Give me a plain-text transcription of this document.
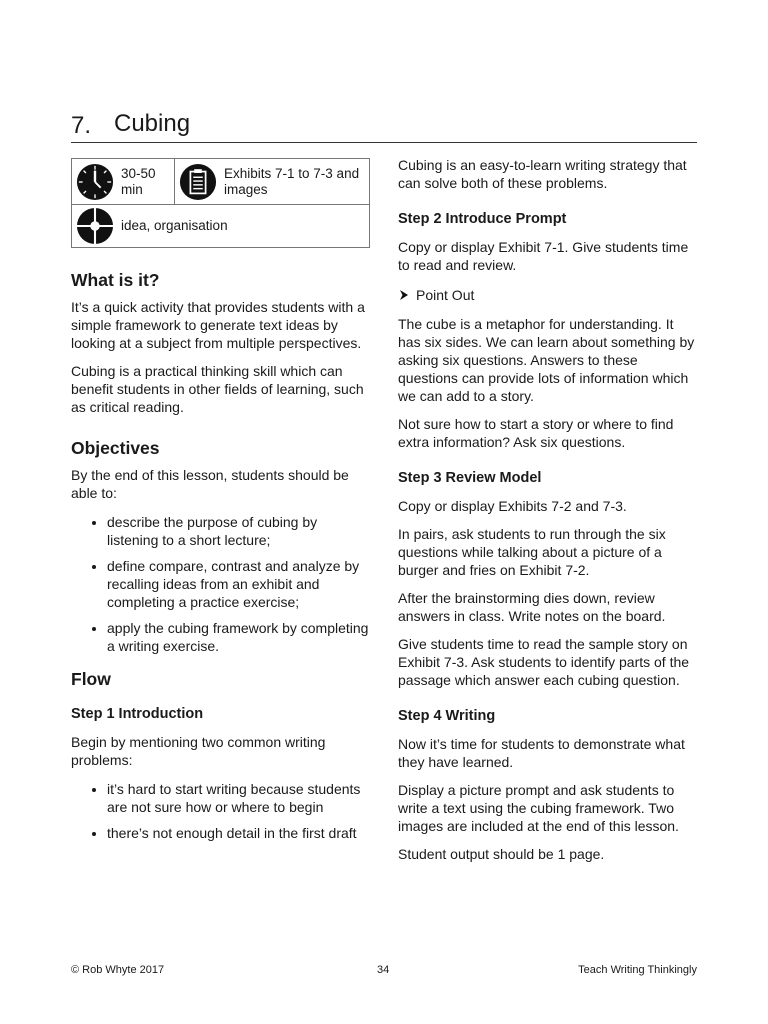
7. Cubing
30-50 min
Exhibits 7-1 to 7-3 and images
idea, organisation
What is it?

It’s a quick activity that provides students with a simple framework to generate text ideas by looking at a subject from multiple perspectives.

Cubing is a practical thinking skill which can benefit students in other fields of learning, such as critical reading.

Objectives

By the end of this lesson, students should be able to:

• describe the purpose of cubing by listening to a short lecture;
• define compare, contrast and analyze by recalling ideas from an exhibit and completing a practice exercise;
• apply the cubing framework by completing a writing exercise.
Flow
Step 1 Introduction

Begin by mentioning two common writing problems:

• it’s hard to start writing because students are not sure how or where to begin
• there’s not enough detail in the first draft

Cubing is an easy-to-learn writing strategy that can solve both of these problems.

Step 2 Introduce Prompt

Copy or display Exhibit 7-1. Give students time to read and review.

Point Out

The cube is a metaphor for understanding. It has six sides. We can learn about something by asking six questions. Answers to these questions can provide lots of information which we can add to a story.

Not sure how to start a story or where to find extra information? Ask six questions.

Step 3 Review Model

Copy or display Exhibits 7-2 and 7-3.

In pairs, ask students to run through the six questions while talking about a picture of a burger and fries on Exhibit 7-2.

After the brainstorming dies down, review answers in class. Write notes on the board.

Give students time to read the sample story on Exhibit 7-3. Ask students to identify parts of the passage which answer each cubing question.

Step 4 Writing

Now it’s time for students to demonstrate what they have learned.

Display a picture prompt and ask students to write a text using the cubing framework. Two images are included at the end of this lesson.

Student output should be 1 page.

© Rob Whyte 2017	34	Teach Writing Thinkingly
